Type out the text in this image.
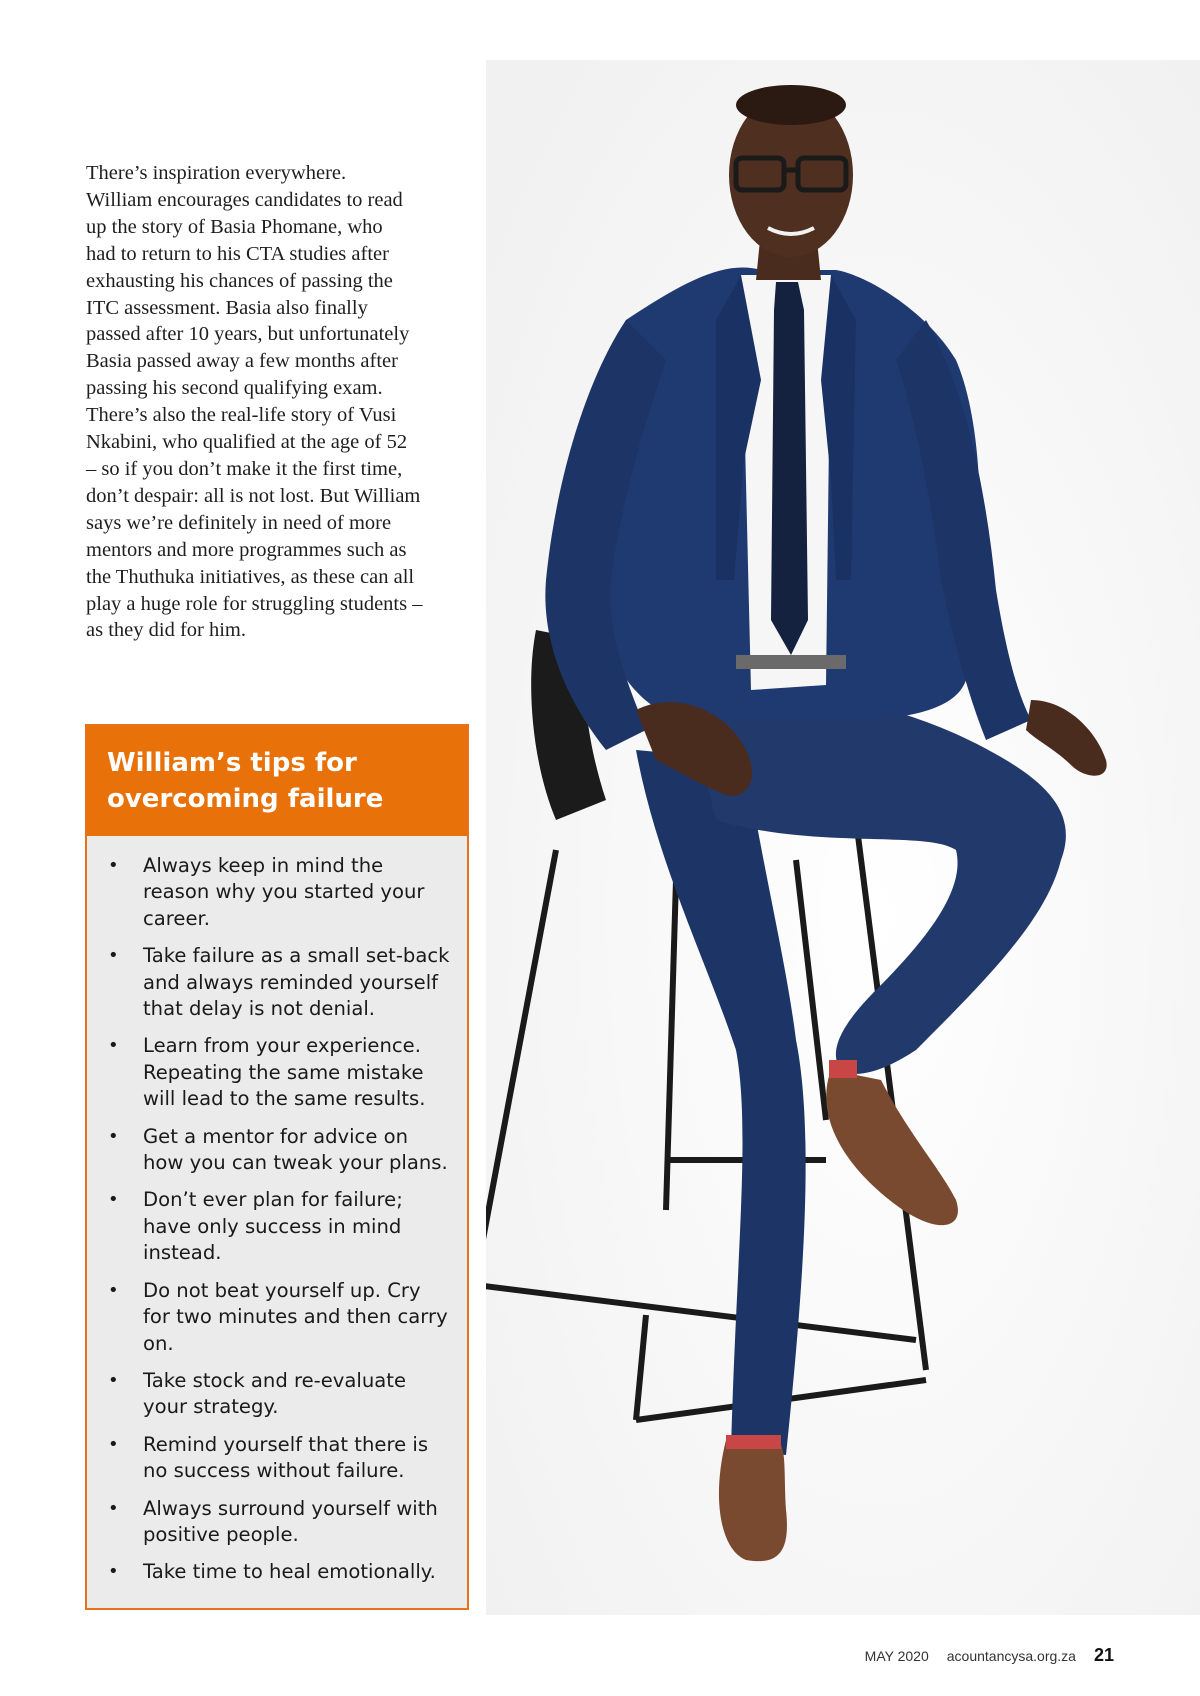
There’s inspiration everywhere.
William encourages candidates to read
up the story of Basia Phomane, who
had to return to his CTA studies after
exhausting his chances of passing the
ITC assessment. Basia also finally
passed after 10 years, but unfortunately
Basia passed away a few months after
passing his second qualifying exam.
There’s also the real-life story of Vusi
Nkabini, who qualified at the age of 52
– so if you don’t make it the first time,
don’t despair: all is not lost. But William
says we’re definitely in need of more
mentors and more programmes such as
the Thuthuka initiatives, as these can all
play a huge role for struggling students –
as they did for him.
William’s tips for
overcoming failure
• Always keep in mind the
reason why you started your
career.
• Take failure as a small set-back
and always reminded yourself
that delay is not denial.
• Learn from your experience.
Repeating the same mistake
will lead to the same results.
• Get a mentor for advice on
how you can tweak your plans.
• Don’t ever plan for failure;
have only success in mind
instead.
• Do not beat yourself up. Cry
for two minutes and then carry
on.
• Take stock and re-evaluate
your strategy.
• Remind yourself that there is
no success without failure.
• Always surround yourself with
positive people.
• Take time to heal emotionally.
MAY 2020 acountancysa.org.za 21
